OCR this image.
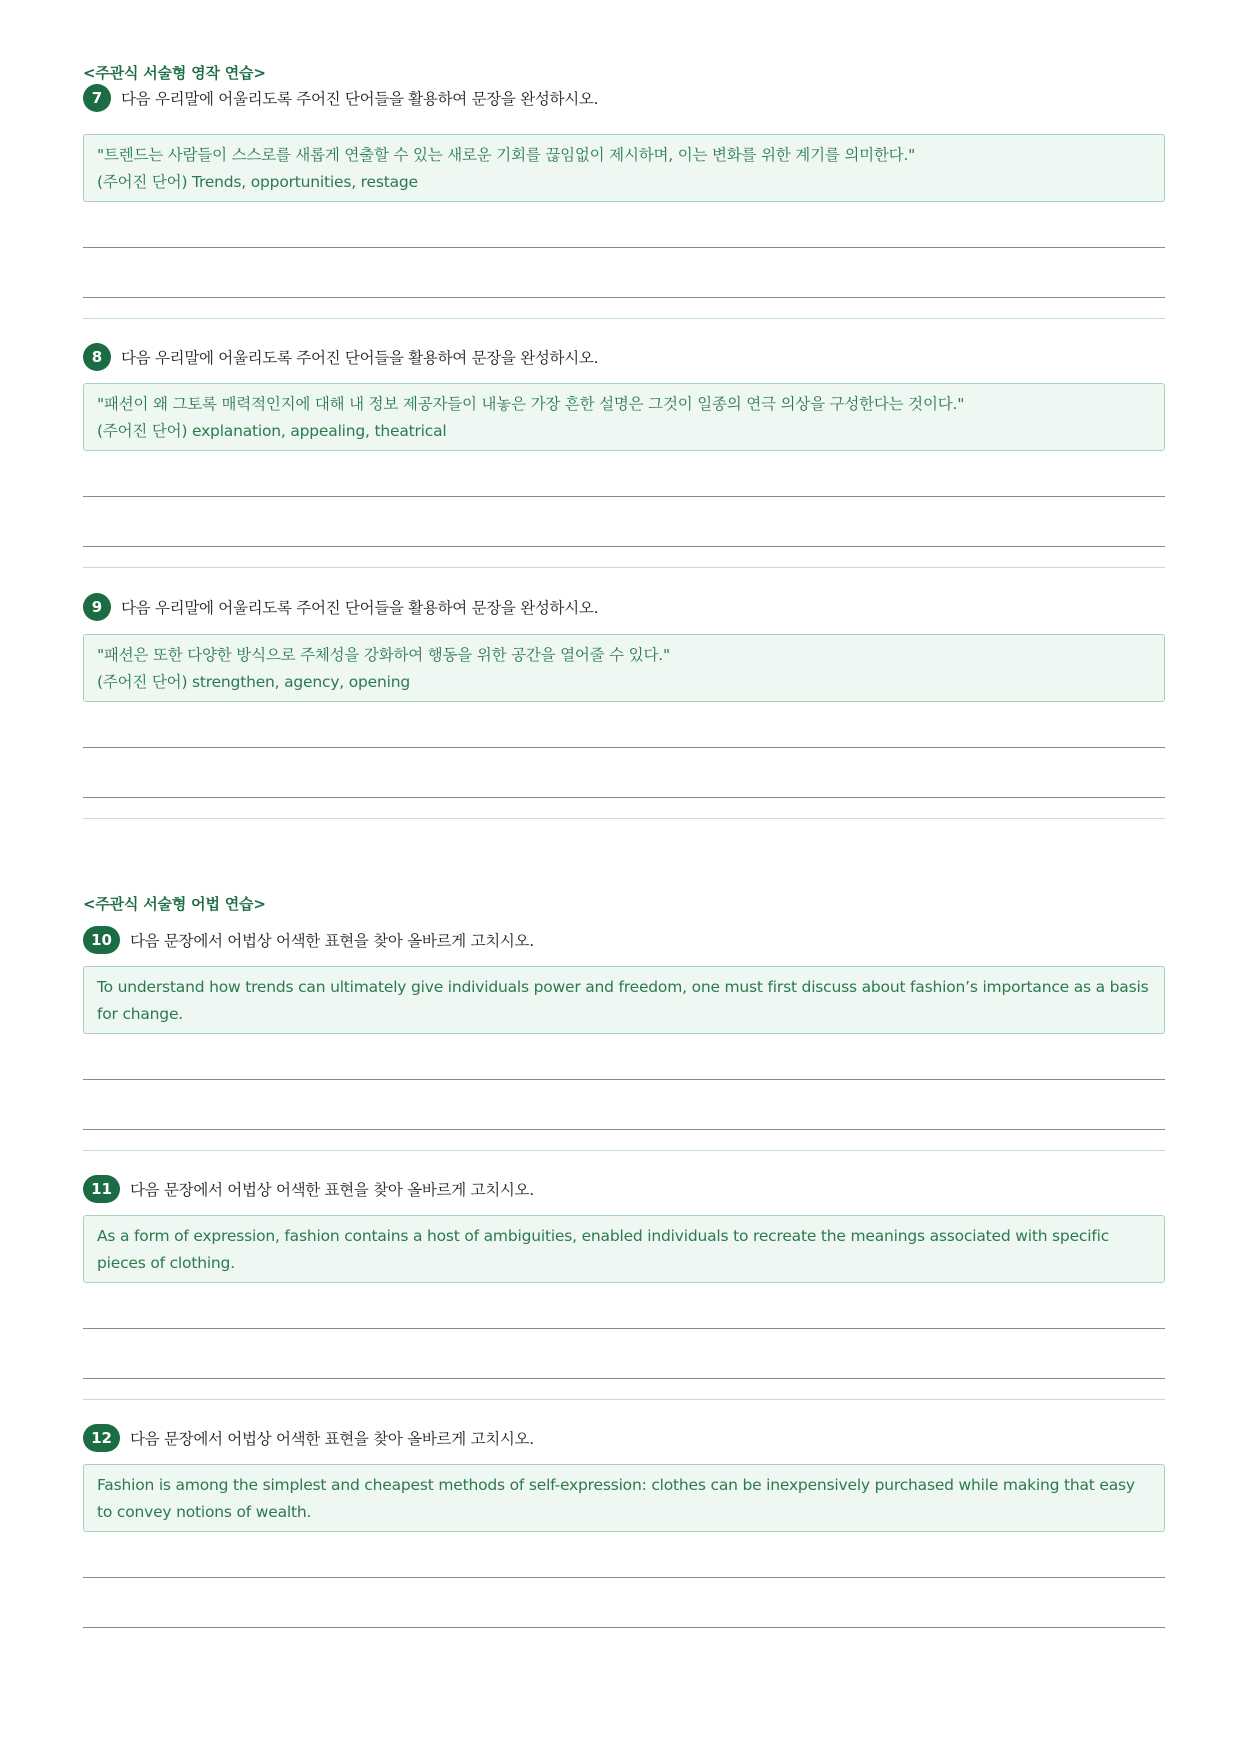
<주관식 서술형 영작 연습>
7	다음 우리말에 어울리도록 주어진 단어들을 활용하여 문장을 완성하시오.
"트렌드는 사람들이 스스로를 새롭게 연출할 수 있는 새로운 기회를 끊임없이 제시하며, 이는 변화를 위한 계기를 의미한다."
(주어진 단어) Trends, opportunities, restage
8	다음 우리말에 어울리도록 주어진 단어들을 활용하여 문장을 완성하시오.
"패션이 왜 그토록 매력적인지에 대해 내 정보 제공자들이 내놓은 가장 흔한 설명은 그것이 일종의 연극 의상을 구성한다는 것이다."
(주어진 단어) explanation, appealing, theatrical
9	다음 우리말에 어울리도록 주어진 단어들을 활용하여 문장을 완성하시오.
"패션은 또한 다양한 방식으로 주체성을 강화하여 행동을 위한 공간을 열어줄 수 있다."
(주어진 단어) strengthen, agency, opening
<주관식 서술형 어법 연습>
10	다음 문장에서 어법상 어색한 표현을 찾아 올바르게 고치시오.
To understand how trends can ultimately give individuals power and freedom, one must first discuss about fashion’s importance as a basis for change.
11	다음 문장에서 어법상 어색한 표현을 찾아 올바르게 고치시오.
As a form of expression, fashion contains a host of ambiguities, enabled individuals to recreate the meanings associated with specific pieces of clothing.
12	다음 문장에서 어법상 어색한 표현을 찾아 올바르게 고치시오.
Fashion is among the simplest and cheapest methods of self-expression: clothes can be inexpensively purchased while making that easy to convey notions of wealth.
